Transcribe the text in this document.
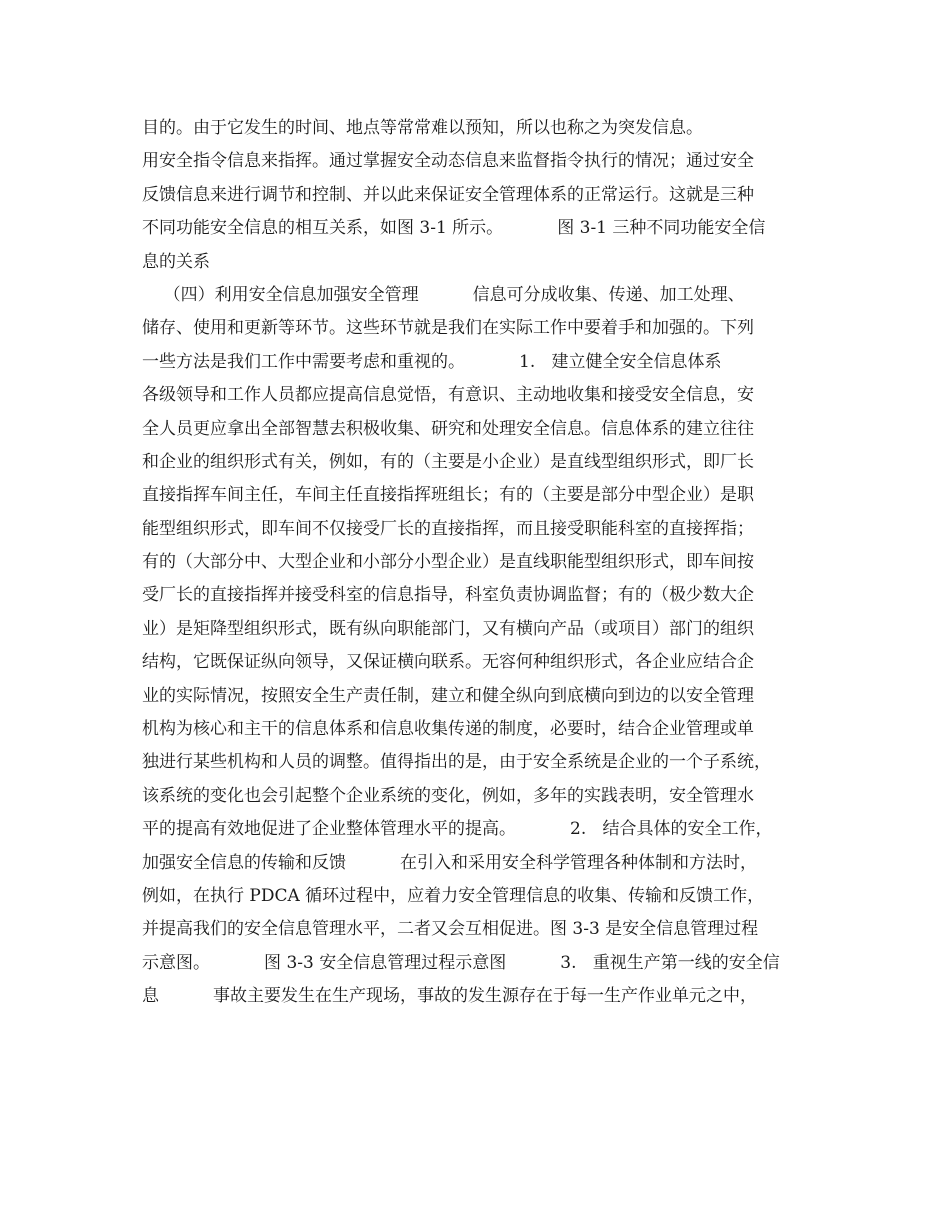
目的。由于它发生的时间、地点等常常难以预知，所以也称之为突发信息。
用安全指令信息来指挥。通过掌握安全动态信息来监督指令执行的情况；通过安全
反馈信息来进行调节和控制、并以此来保证安全管理体系的正常运行。这就是三种
不同功能安全信息的相互关系，如图 3-1 所示。          图 3-1 三种不同功能安全信
息的关系
（四）利用安全信息加强安全管理          信息可分成收集、传递、加工处理、
储存、使用和更新等环节。这些环节就是我们在实际工作中要着手和加强的。下列
一些方法是我们工作中需要考虑和重视的。          1.   建立健全安全信息体系
各级领导和工作人员都应提高信息觉悟，有意识、主动地收集和接受安全信息，安
全人员更应拿出全部智慧去积极收集、研究和处理安全信息。信息体系的建立往往
和企业的组织形式有关，例如，有的（主要是小企业）是直线型组织形式，即厂长
直接指挥车间主任，车间主任直接指挥班组长；有的（主要是部分中型企业）是职
能型组织形式，即车间不仅接受厂长的直接指挥，而且接受职能科室的直接挥指；
有的（大部分中、大型企业和小部分小型企业）是直线职能型组织形式，即车间按
受厂长的直接指挥并接受科室的信息指导，科室负责协调监督；有的（极少数大企
业）是矩降型组织形式，既有纵向职能部门，又有横向产品（或项目）部门的组织
结构，它既保证纵向领导，又保证横向联系。无容何种组织形式，各企业应结合企
业的实际情况，按照安全生产责任制，建立和健全纵向到底横向到边的以安全管理
机构为核心和主干的信息体系和信息收集传递的制度，必要时，结合企业管理或单
独进行某些机构和人员的调整。值得指出的是，由于安全系统是企业的一个子系统，
该系统的变化也会引起整个企业系统的变化，例如，多年的实践表明，安全管理水
平的提高有效地促进了企业整体管理水平的提高。          2.   结合具体的安全工作，
加强安全信息的传输和反馈          在引入和采用安全科学管理各种体制和方法时，
例如，在执行 PDCA 循环过程中，应着力安全管理信息的收集、传输和反馈工作，
并提高我们的安全信息管理水平，二者又会互相促进。图 3-3 是安全信息管理过程
示意图。          图 3-3 安全信息管理过程示意图          3.   重视生产第一线的安全信
息          事故主要发生在生产现场，事故的发生源存在于每一生产作业单元之中，
